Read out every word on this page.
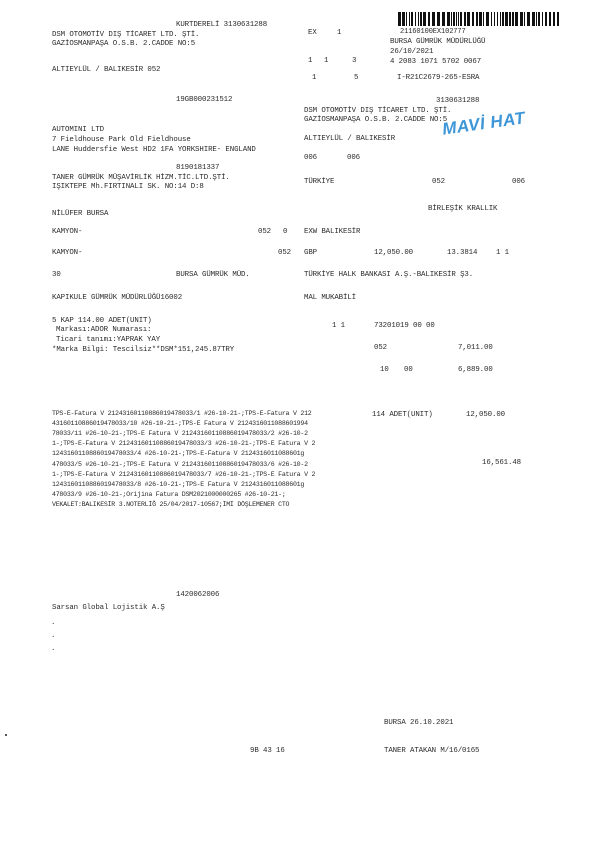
21160100EX102777
KURTDERELİ 3130631288
DSM OTOMOTİV DIŞ TİCARET LTD. ŞTİ.
GAZİOSMANPAŞA O.S.B. 2.CADDE NO:5
ALTIEYLÜL / BALIKESİR 052
EX	1
1 1	3
1	5
BURSA GÜMRÜK MÜDÜRLÜĞÜ
26/10/2021
4 2083 1071 5702 0067
I-R21C2679-265-ESRA
19GB000231512
AUTOMINI LTD
7 Fieldhouse Park Old Fieldhouse
LANE Huddersfie West HD2 1FA YORKSHIRE- ENGLAND
3130631288
DSM OTOMOTİV DIŞ TİCARET LTD. ŞTİ.
GAZİOSMANPAŞA O.S.B. 2.CADDE NO:5
ALTIEYLÜL / BALIKESİR
006	006
MAVİ HAT
8190181337
TANER GÜMRÜK MÜŞAVİRLİK HİZM.TİC.LTD.ŞTİ.
IŞIKTEPE Mh.FIRTINALI SK. NO:14 D:8
NİLÜFER BURSA
TÜRKİYE	052	006
BİRLEŞİK KRALLIK
KAMYON-	052 0
KAMYON-	052
EXW BALIKESİR
GBP	12,050.00	13.3814	1 1
30	BURSA GÜMRÜK MÜD.	TÜRKİYE HALK BANKASI A.Ş.-BALIKESİR Ş3.
KAPIKULE GÜMRÜK MÜDÜRLÜĞÜ16002	MAL MUKABİLİ
5 KAP 114.00 ADET(UNIT)
Markası:ADOR Numarası:
Ticari tanımı:YAPRAK YAY
*Marka Bilgi: Tescilsiz**DSM*151,245.87TRY
1 1	73201019 00 00
052	7,011.00
10 00	6,889.00
TPS-E-Fatura V 21243160110886019478033/1 #26-10-21-;TPS-E-Fatura V 212
43160110886019478033/10 #26-10-21-;TPS-E Fatura V 2124316011088601994
78033/11 #26-10-21-;TPS-E Fatura V 21243160110886019478033/2 #26-10-2
1-;TPS-E-Fatura V 21243160110886019478033/3 #26-10-21-;TPS-E Fatura V 2
1243160110886019478033/4 #26-10-21-;TPS-E-Fatura V 2124316011088601g
478033/5 #26-10-21-;TPS-E Fatura V 21243160110886019478033/6 #26-10-2
1-;TPS-E-Fatura V 21243160110886019478033/7 #26-10-21-;TPS-E Fatura V 2
1243160110886019478033/8 #26-10-21-;TPS-E Fatura V 2124316011088601g
478033/9 #26-10-21-;Orijina Fatura DSM2021000000265 #26-10-21-;
VEKALET:BALIKESİR 3.NOTERLİĞ 25/04/2017-10567;İMİ DÖŞLEMENER CTO
114 ADET(UNIT)	12,050.00
16,561.48
1420062006
Sarsan Global Lojistik A.Ş
.
.
.
BURSA 26.10.2021
9B 43 16	TANER ATAKAN M/16/0165
